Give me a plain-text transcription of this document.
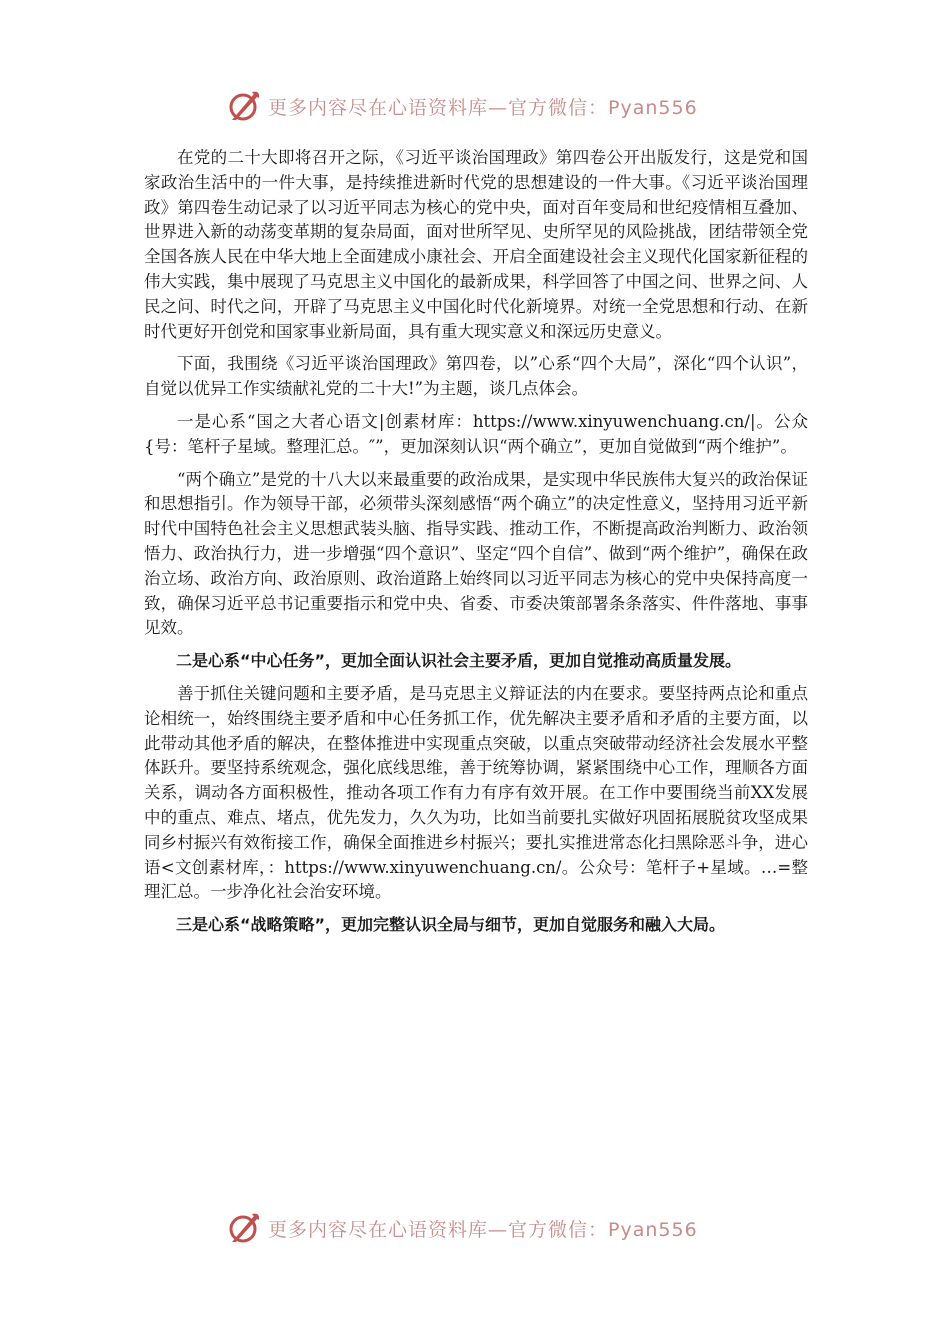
更多内容尽在心语资料库—官方微信：Pyan556

在党的二十大即将召开之际，《习近平谈治国理政》第四卷公开出版发行，这是党和国家政治生活中的一件大事，是持续推进新时代党的思想建设的一件大事。《习近平谈治国理政》第四卷生动记录了以习近平同志为核心的党中央，面对百年变局和世纪疫情相互叠加、世界进入新的动荡变革期的复杂局面，面对世所罕见、史所罕见的风险挑战，团结带领全党全国各族人民在中华大地上全面建成小康社会、开启全面建设社会主义现代化国家新征程的伟大实践，集中展现了马克思主义中国化的最新成果，科学回答了中国之问、世界之问、人民之问、时代之问，开辟了马克思主义中国化时代化新境界。对统一全党思想和行动、在新时代更好开创党和国家事业新局面，具有重大现实意义和深远历史意义。

下面，我围绕《习近平谈治国理政》第四卷，以”心系“四个大局”，深化“四个认识”，自觉以优异工作实绩献礼党的二十大!”为主题，谈几点体会。

一是心系“国之大者心语文|创素材库：https://www.xinyuwenchuang.cn/|。公众{号：笔杆子星域。整理汇总。″”，更加深刻认识“两个确立”，更加自觉做到“两个维护”。

“两个确立”是党的十八大以来最重要的政治成果，是实现中华民族伟大复兴的政治保证和思想指引。作为领导干部，必须带头深刻感悟“两个确立”的决定性意义，坚持用习近平新时代中国特色社会主义思想武装头脑、指导实践、推动工作，不断提高政治判断力、政治领悟力、政治执行力，进一步增强“四个意识”、坚定“四个自信”、做到“两个维护”，确保在政治立场、政治方向、政治原则、政治道路上始终同以习近平同志为核心的党中央保持高度一致，确保习近平总书记重要指示和党中央、省委、市委决策部署条条落实、件件落地、事事见效。

二是心系“中心任务”，更加全面认识社会主要矛盾，更加自觉推动高质量发展。

善于抓住关键问题和主要矛盾，是马克思主义辩证法的内在要求。要坚持两点论和重点论相统一，始终围绕主要矛盾和中心任务抓工作，优先解决主要矛盾和矛盾的主要方面，以此带动其他矛盾的解决，在整体推进中实现重点突破，以重点突破带动经济社会发展水平整体跃升。要坚持系统观念，强化底线思维，善于统筹协调，紧紧围绕中心工作，理顺各方面关系，调动各方面积极性，推动各项工作有力有序有效开展。在工作中要围绕当前XX发展中的重点、难点、堵点，优先发力，久久为功，比如当前要扎实做好巩固拓展脱贫攻坚成果同乡村振兴有效衔接工作，确保全面推进乡村振兴；要扎实推进常态化扫黑除恶斗争，进心语<文创素材库，：https://www.xinyuwenchuang.cn/。公众号：笔杆子+星域。…=整理汇总。一步净化社会治安环境。

三是心系“战略策略”，更加完整认识全局与细节，更加自觉服务和融入大局。

更多内容尽在心语资料库—官方微信：Pyan556
